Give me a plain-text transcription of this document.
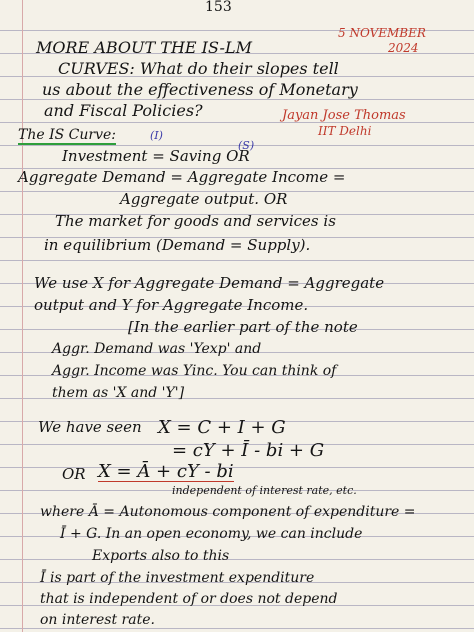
153
5 NOVEMBER
2024
MORE ABOUT THE IS-LM
CURVES: What do their slopes tell
us about the effectiveness of Monetary
and Fiscal Policies?	Jayan Jose Thomas
IIT Delhi
The IS Curve:	(I)
(S)
Investment = Saving OR
Aggregate Demand = Aggregate Income =
Aggregate output. OR
The market for goods and services is
in equilibrium (Demand = Supply).
We use X for Aggregate Demand = Aggregate
output and Y for Aggregate Income.
[In the earlier part of the note
Aggr. Demand was 'Yexp' and
Aggr. Income was Yinc. You can think of
them as 'X and 'Y']
We have seen X = C + I + G
= cY + Ī - bi + G
OR X = Ā + cY - bi
independent of interest rate, etc.
where Ā = Autonomous component of expenditure =
Ī + G. In an open economy, we can include
Exports also to this
Ī is part of the investment expenditure
that is independent of or does not depend
on interest rate.
